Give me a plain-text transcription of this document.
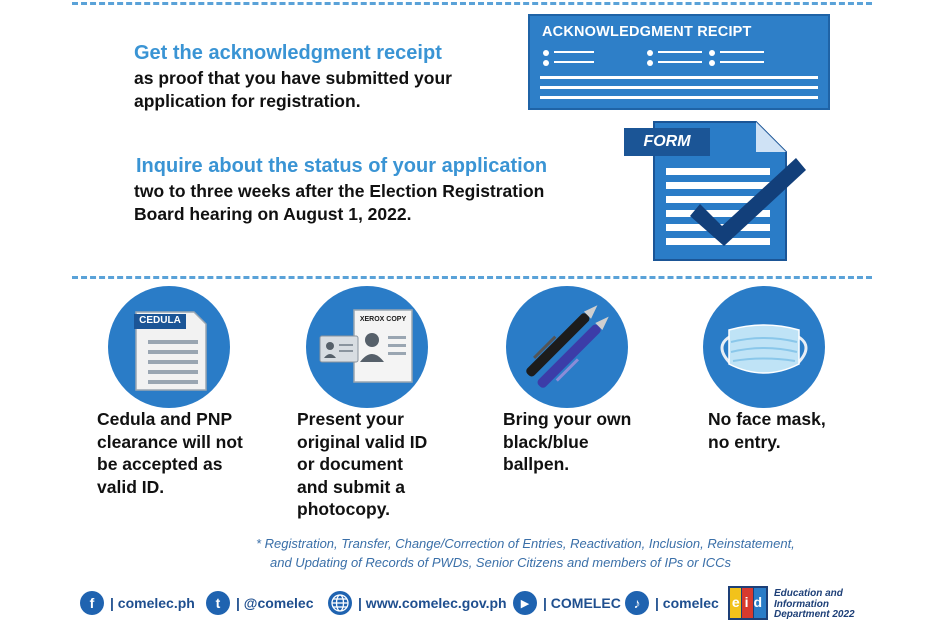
Get the acknowledgment receipt
as proof that you have submitted your
application for registration.
ACKNOWLEDGMENT RECIPT
Inquire about the status of your application
two to three weeks after the Election Registration
Board hearing on August 1, 2022.
FORM
CEDULA
Cedula and PNP
clearance will not
be accepted as
valid ID.
XEROX COPY
Present your
original valid ID
or document
and submit a
photocopy.
Bring your own
black/blue
ballpen.
No face mask,
no entry.
* Registration, Transfer, Change/Correction of Entries, Reactivation, Inclusion, Reinstatement,
and Updating of Records of PWDs, Senior Citizens and members of IPs or ICCs
f	| comelec.ph	t	| @comelec	| www.comelec.gov.ph	▶ | COMELEC ♪	| comelec eid
Education and
Information
Department 2022
